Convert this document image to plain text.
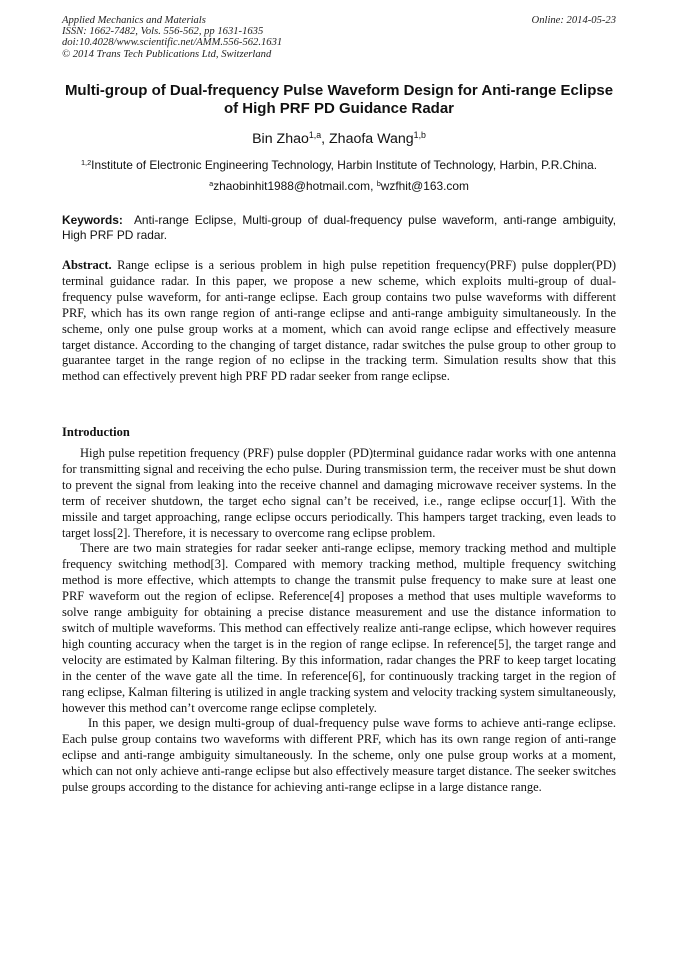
Applied Mechanics and Materials
ISSN: 1662-7482, Vols. 556-562, pp 1631-1635
doi:10.4028/www.scientific.net/AMM.556-562.1631
© 2014 Trans Tech Publications Ltd, Switzerland
Online: 2014-05-23
Multi-group of Dual-frequency Pulse Waveform Design for Anti-range Eclipse of High PRF PD Guidance Radar
Bin Zhao$^{1,a}$, Zhaofa Wang$^{1,b}$
$^{1,2}$Institute of Electronic Engineering Technology, Harbin Institute of Technology, Harbin, P.R.China.
$^a$zhaobinhit1988@hotmail.com, $^b$wzfhit@163.com
Keywords: Anti-range Eclipse, Multi-group of dual-frequency pulse waveform, anti-range ambiguity, High PRF PD radar.
Abstract. Range eclipse is a serious problem in high pulse repetition frequency(PRF) pulse doppler(PD) terminal guidance radar. In this paper, we propose a new scheme, which exploits multi-group of dual-frequency pulse waveform, for anti-range eclipse. Each group contains two pulse waveforms with different PRF, which has its own range region of anti-range eclipse and anti-range ambiguity simultaneously. In the scheme, only one pulse group works at a moment, which can avoid range eclipse and effectively measure target distance. According to the changing of target distance, radar switches the pulse group to other group to guarantee target in the range region of no eclipse in the tracking term. Simulation results show that this method can effectively prevent high PRF PD radar seeker from range eclipse.
Introduction

High pulse repetition frequency (PRF) pulse doppler (PD)terminal guidance radar works with one antenna for transmitting signal and receiving the echo pulse. During transmission term, the receiver must be shut down to prevent the signal from leaking into the receive channel and damaging microwave receiver systems. In the term of receiver shutdown, the target echo signal can’t be received, i.e., range eclipse occur[1]. With the missile and target approaching, range eclipse occurs periodically. This hampers target tracking, even leads to target loss[2]. Therefore, it is necessary to overcome rang eclipse problem.

There are two main strategies for radar seeker anti-range eclipse, memory tracking method and multiple frequency switching method[3]. Compared with memory tracking method, multiple frequency switching method is more effective, which attempts to change the transmit pulse frequency to make sure at least one PRF waveform out the region of eclipse. Reference[4] proposes a method that uses multiple waveforms to solve range ambiguity for obtaining a precise distance measurement and use the distance information to switch of multiple waveforms. This method can effectively realize anti-range eclipse, which however requires high counting accuracy when the target is in the region of range eclipse. In reference[5], the target range and velocity are estimated by Kalman filtering. By this information, radar changes the PRF to keep target locating in the center of the wave gate all the time. In reference[6], for continuously tracking target in the region of rang eclipse, Kalman filtering is utilized in angle tracking system and velocity tracking system simultaneously, however this method can’t overcome range eclipse completely.

In this paper, we design multi-group of dual-frequency pulse wave forms to achieve anti-range eclipse. Each pulse group contains two waveforms with different PRF, which has its own range region of anti-range eclipse and anti-range ambiguity simultaneously. In the scheme, only one pulse group works at a moment, which can not only achieve anti-range eclipse but also effectively measure target distance. The seeker switches pulse groups according to the distance for achieving anti-range eclipse in a large distance range.
